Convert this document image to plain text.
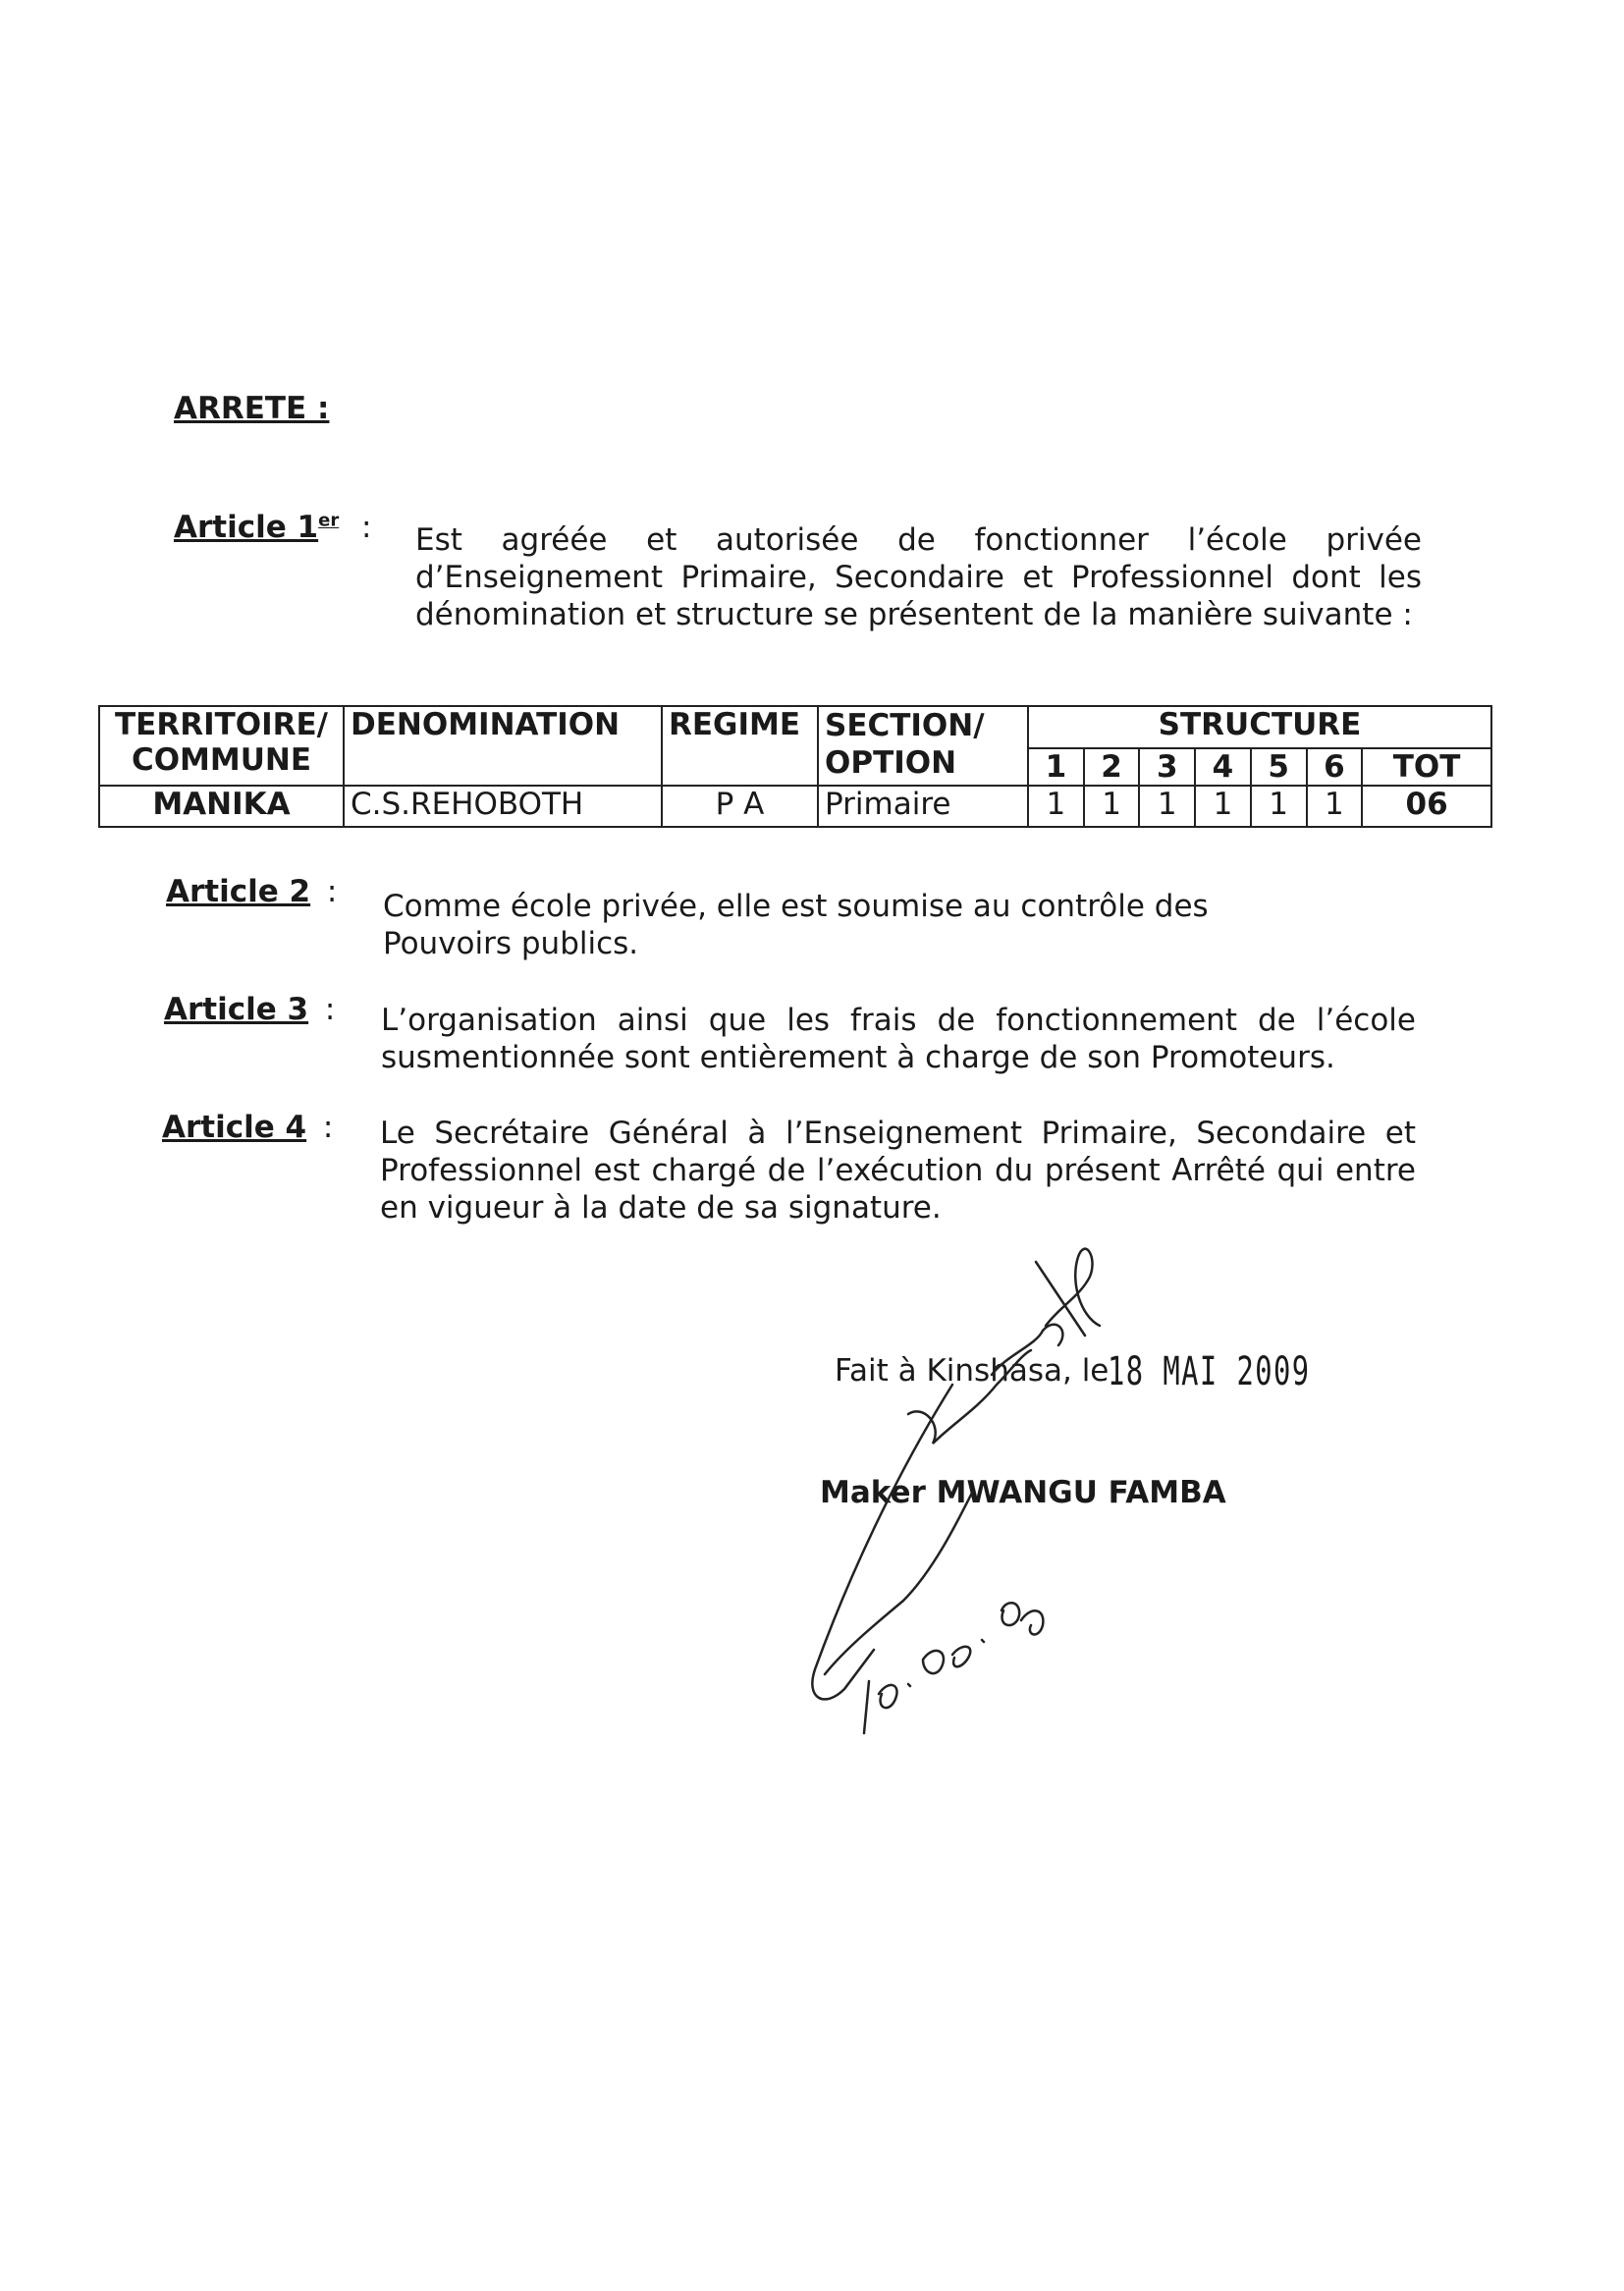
ARRETE :
Article 1er : Est agréée et autorisée de fonctionner l’école privée d’Enseignement Primaire, Secondaire et Professionnel dont les dénomination et structure se présentent de la manière suivante :
TERRITOIRE/ COMMUNE	DENOMINATION	REGIME	SECTION/ OPTION	STRUCTURE						
				1	2	3	4	5	6	TOT
MANIKA	C.S.REHOBOTH	P A	Primaire	1	1	1	1	1	1	06
Article 2 : Comme école privée, elle est soumise au contrôle des Pouvoirs publics.
Article 3 : L’organisation ainsi que les frais de fonctionnement de l’école susmentionnée sont entièrement à charge de son Promoteurs.
Article 4 : Le Secrétaire Général à l’Enseignement Primaire, Secondaire et Professionnel est chargé de l’exécution du présent Arrêté qui entre en vigueur à la date de sa signature.
Fait à Kinshasa, le
18 MAI 2009
Maker MWANGU FAMBA
